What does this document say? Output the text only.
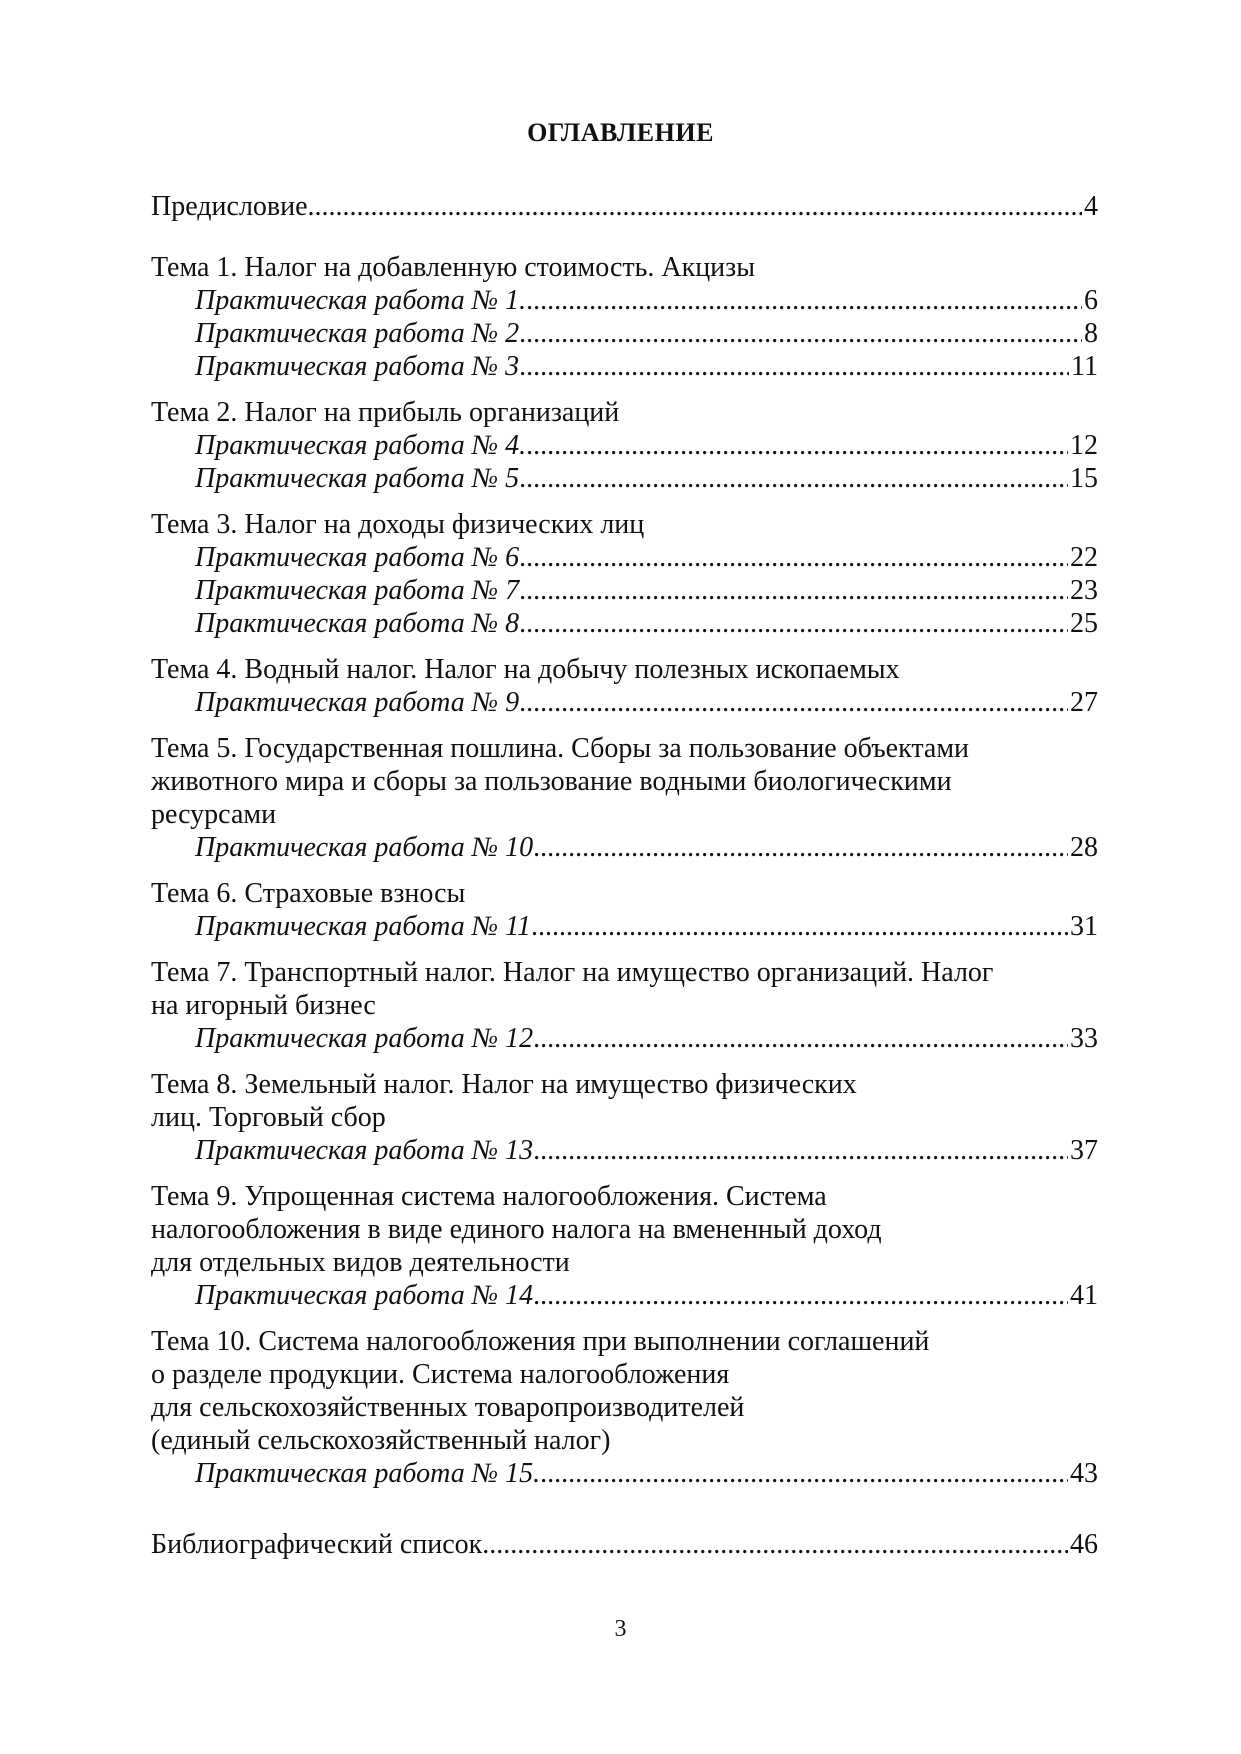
ОГЛАВЛЕНИЕ
Предисловие .....	4
Тема 1. Налог на добавленную стоимость. Акцизы
Практическая работа № 1. .....	6
Практическая работа № 2 .....	8
Практическая работа № 3 .....	11
Тема 2. Налог на прибыль организаций
Практическая работа № 4. .....	12
Практическая работа № 5 .....	15
Тема 3. Налог на доходы физических лиц
Практическая работа № 6 .....	22
Практическая работа № 7 .....	23
Практическая работа № 8 .....	25
Тема 4. Водный налог. Налог на добычу полезных ископаемых
Практическая работа № 9 .....	27
Тема 5. Государственная пошлина. Сборы за пользование объектами
животного мира и сборы за пользование водными биологическими
ресурсами
Практическая работа № 10 .....	28
Тема 6. Страховые взносы
Практическая работа № 11 .....	31
Тема 7. Транспортный налог. Налог на имущество организаций. Налог
на игорный бизнес
Практическая работа № 12 .....	33
Тема 8. Земельный налог. Налог на имущество физических
лиц. Торговый сбор
Практическая работа № 13 .....	37
Тема 9. Упрощенная система налогообложения. Система
налогообложения в виде единого налога на вмененный доход
для отдельных видов деятельности
Практическая работа № 14 .....	41
Тема 10. Система налогообложения при выполнении соглашений
о разделе продукции. Система налогообложения
для сельскохозяйственных товаропроизводителей
(единый сельскохозяйственный налог)
Практическая работа № 15. .....	43
Библиографический список .....	46
3
